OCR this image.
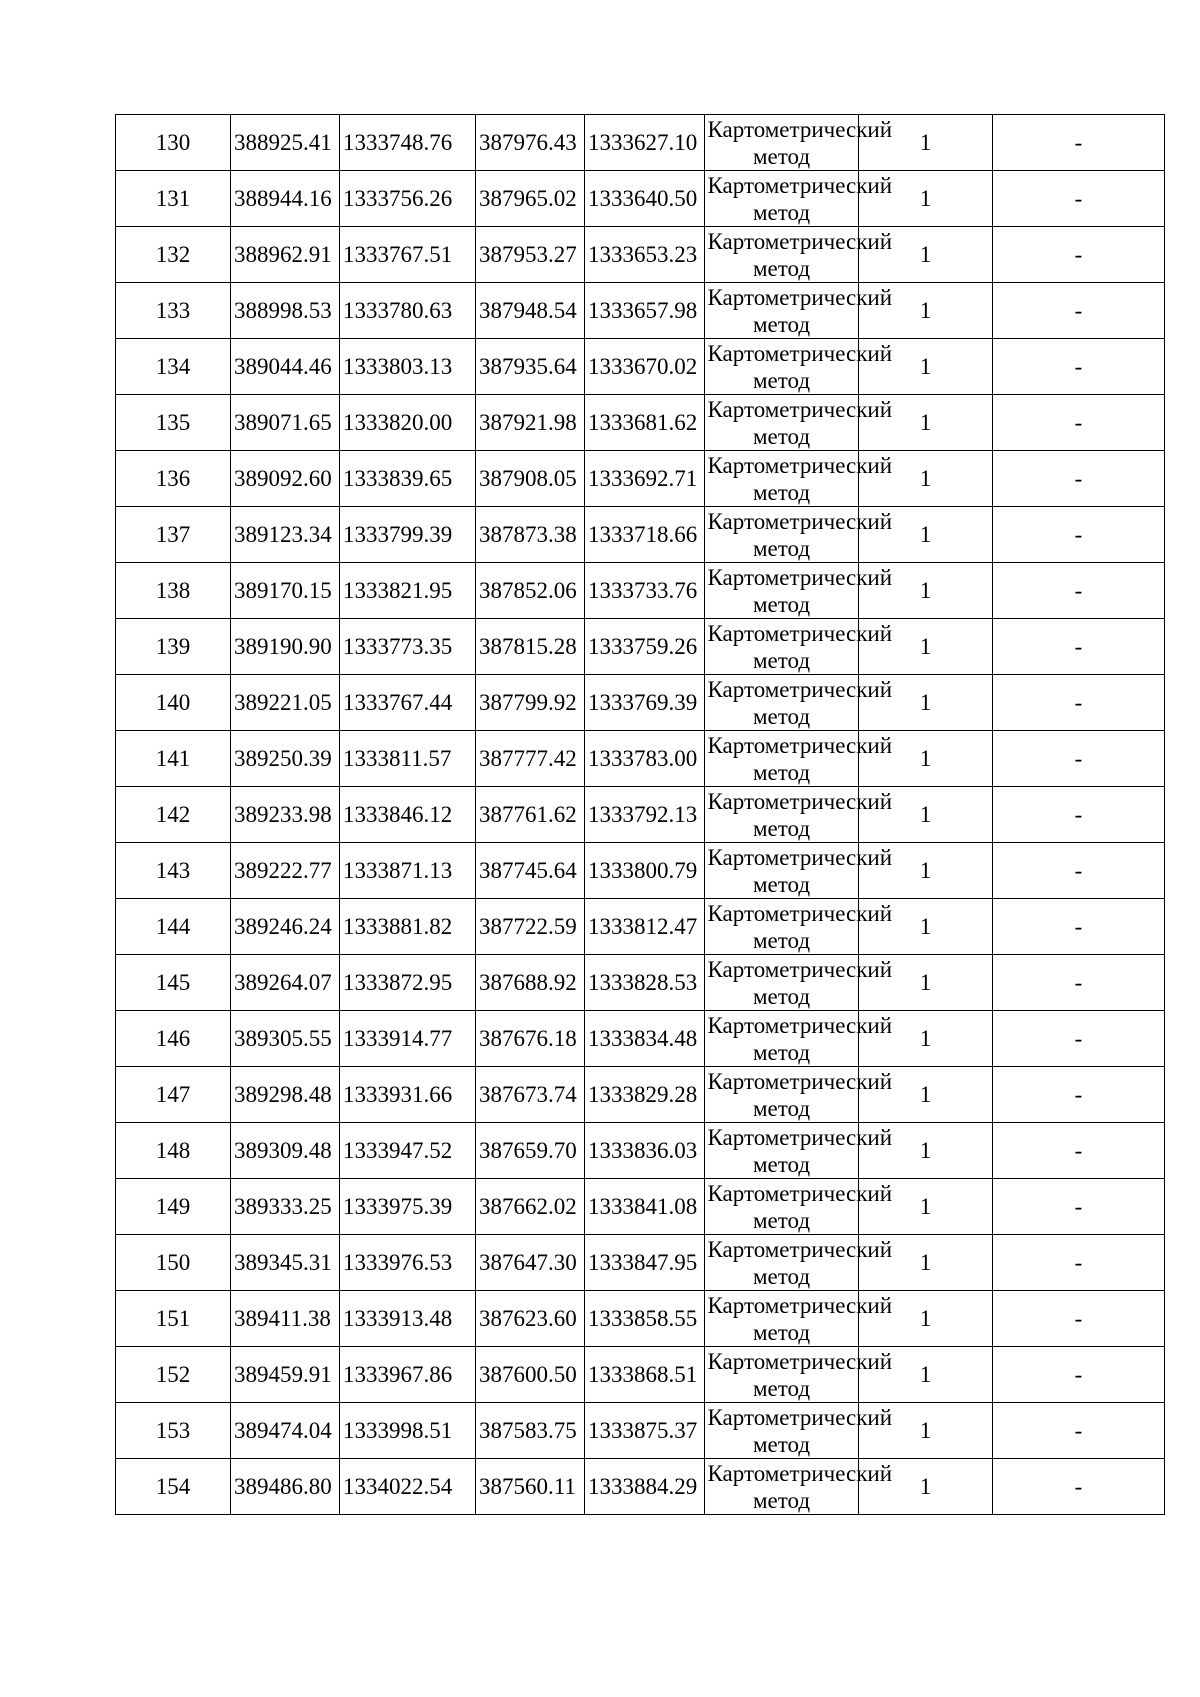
130	388925.41	1333748.76	387976.43	1333627.10	Картометрический метод	1	-
131	388944.16	1333756.26	387965.02	1333640.50	Картометрический метод	1	-
132	388962.91	1333767.51	387953.27	1333653.23	Картометрический метод	1	-
133	388998.53	1333780.63	387948.54	1333657.98	Картометрический метод	1	-
134	389044.46	1333803.13	387935.64	1333670.02	Картометрический метод	1	-
135	389071.65	1333820.00	387921.98	1333681.62	Картометрический метод	1	-
136	389092.60	1333839.65	387908.05	1333692.71	Картометрический метод	1	-
137	389123.34	1333799.39	387873.38	1333718.66	Картометрический метод	1	-
138	389170.15	1333821.95	387852.06	1333733.76	Картометрический метод	1	-
139	389190.90	1333773.35	387815.28	1333759.26	Картометрический метод	1	-
140	389221.05	1333767.44	387799.92	1333769.39	Картометрический метод	1	-
141	389250.39	1333811.57	387777.42	1333783.00	Картометрический метод	1	-
142	389233.98	1333846.12	387761.62	1333792.13	Картометрический метод	1	-
143	389222.77	1333871.13	387745.64	1333800.79	Картометрический метод	1	-
144	389246.24	1333881.82	387722.59	1333812.47	Картометрический метод	1	-
145	389264.07	1333872.95	387688.92	1333828.53	Картометрический метод	1	-
146	389305.55	1333914.77	387676.18	1333834.48	Картометрический метод	1	-
147	389298.48	1333931.66	387673.74	1333829.28	Картометрический метод	1	-
148	389309.48	1333947.52	387659.70	1333836.03	Картометрический метод	1	-
149	389333.25	1333975.39	387662.02	1333841.08	Картометрический метод	1	-
150	389345.31	1333976.53	387647.30	1333847.95	Картометрический метод	1	-
151	389411.38	1333913.48	387623.60	1333858.55	Картометрический метод	1	-
152	389459.91	1333967.86	387600.50	1333868.51	Картометрический метод	1	-
153	389474.04	1333998.51	387583.75	1333875.37	Картометрический метод	1	-
154	389486.80	1334022.54	387560.11	1333884.29	Картометрический метод	1	-
